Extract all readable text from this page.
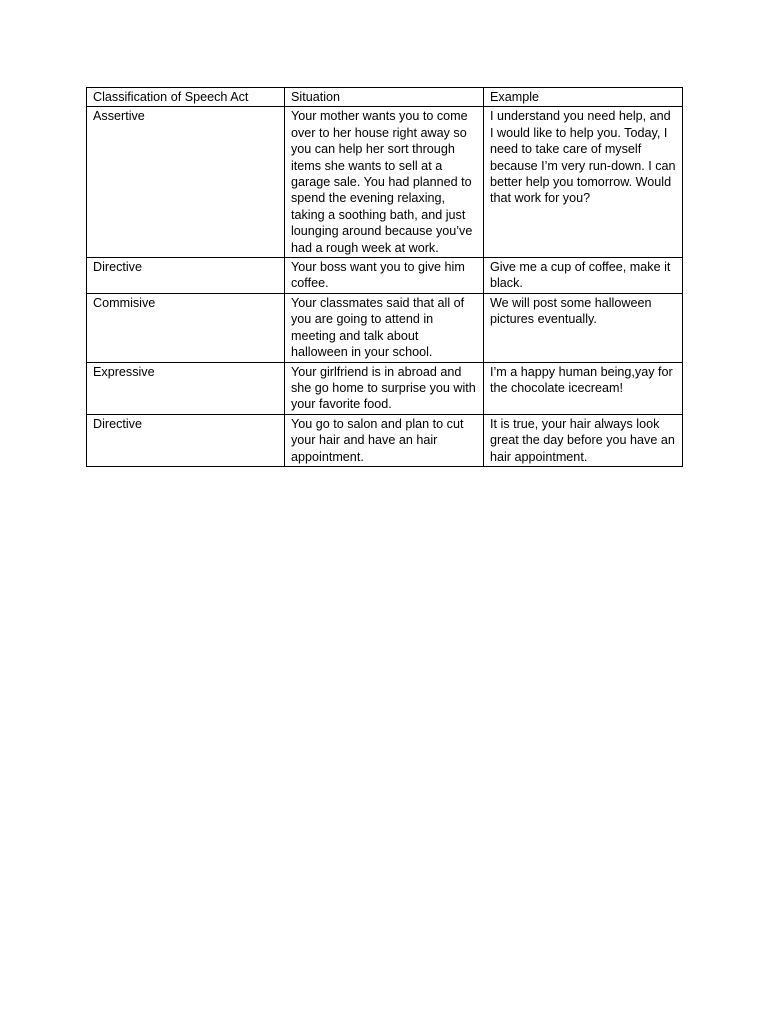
Classification of Speech Act	Situation	Example
Assertive	Your mother wants you to come over to her house right away so you can help her sort through items she wants to sell at a garage sale. You had planned to spend the evening relaxing, taking a soothing bath, and just lounging around because you’ve had a rough week at work.	I understand you need help, and I would like to help you. Today, I need to take care of myself because I’m very run-down. I can better help you tomorrow. Would that work for you?
Directive	Your boss want you to give him coffee.	Give me a cup of coffee, make it black.
Commisive	Your classmates said that all of you are going to attend in meeting and talk about halloween in your school.	We will post some halloween pictures eventually.
Expressive	Your girlfriend is in abroad and she go home to surprise you with your favorite food.	I’m a happy human being,yay for the chocolate icecream!
Directive	You go to salon and plan to cut your hair and have an hair appointment.	It is true, your hair always look great the day before you have an hair appointment.
